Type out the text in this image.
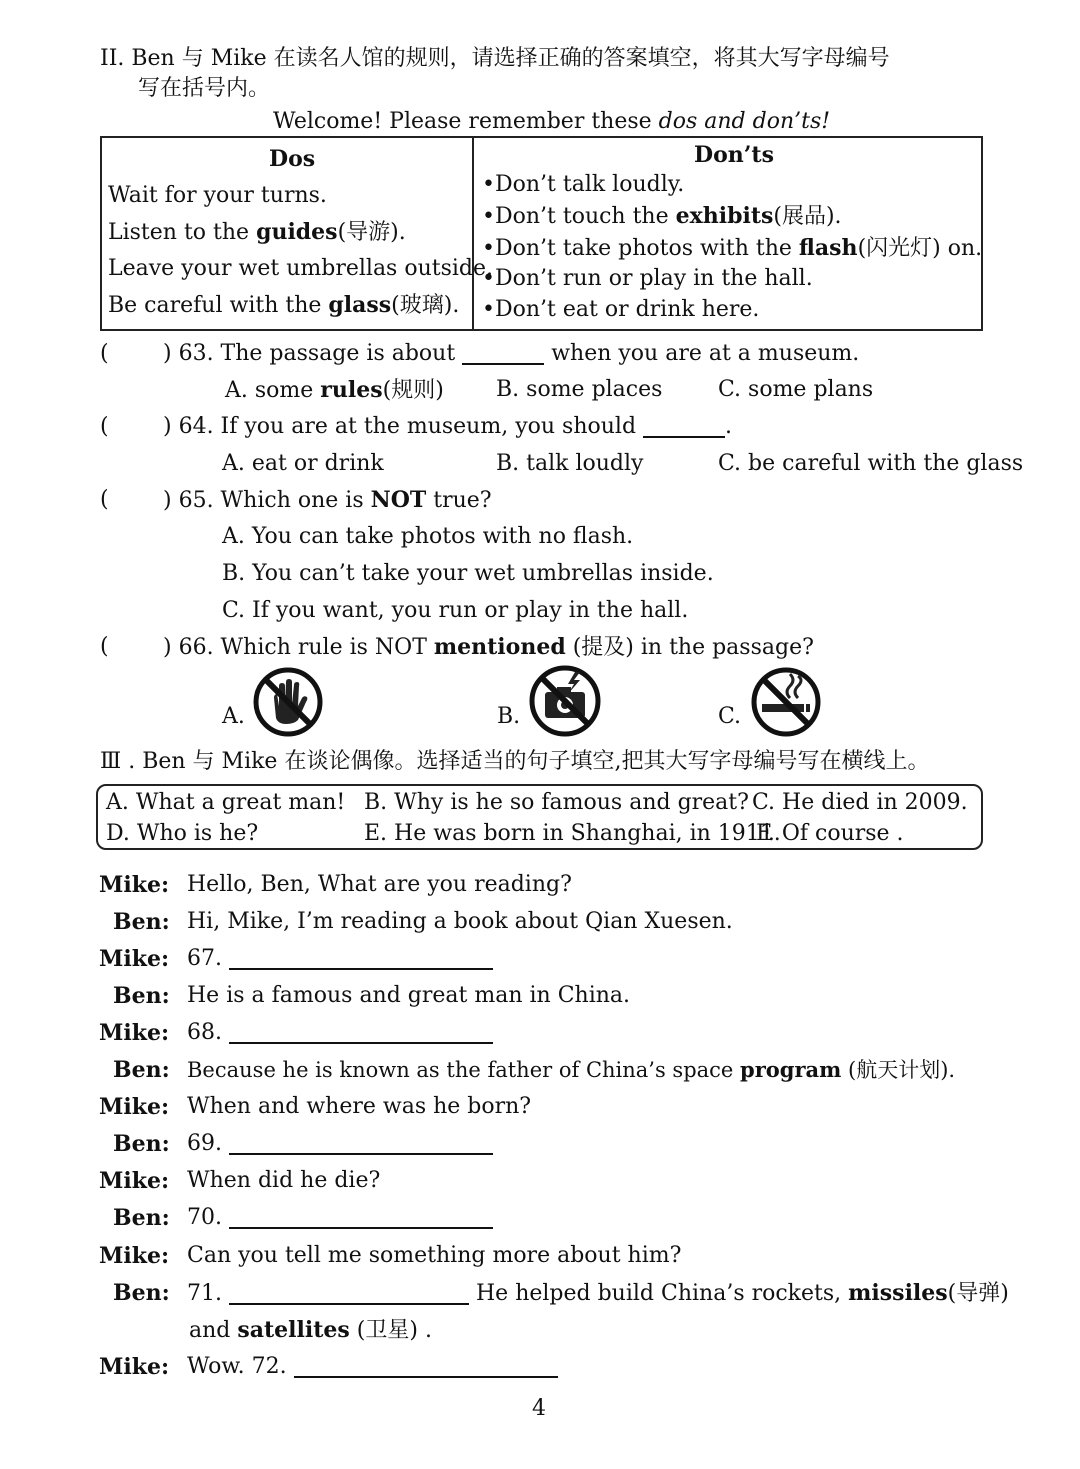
II. Ben 与 Mike 在读名人馆的规则，请选择正确的答案填空，将其大写字母编号
写在括号内。
Welcome! Please remember these dos and don’ts!
Dos
Wait for your turns.
Listen to the guides(导游).
Leave your wet umbrellas outside.
Be careful with the glass(玻璃).

Don’ts
•Don’t talk loudly.
•Don’t touch the exhibits(展品).
•Don’t take photos with the flash(闪光灯) on.
•Don’t run or play in the hall.
•Don’t eat or drink here.
( ) 63. The passage is about	when you are at a museum.
A. some rules(规则) B. some places	C. some plans
( ) 64. If you are at the museum, you should	.
A. eat or drink	B. talk loudly	C. be careful with the glass
( ) 65. Which one is NOT true?
A. You can take photos with no flash.
B. You can’t take your wet umbrellas inside.
C. If you want, you run or play in the hall.
( ) 66. Which rule is NOT mentioned (提及) in the passage?
A.	B.	C.
Ⅲ . Ben 与 Mike 在谈论偶像。选择适当的句子填空,把其大写字母编号写在横线上。
A. What a great man! B. Why is he so famous and great? C. He died in 2009.
D. Who is he?	E. He was born in Shanghai, in 1911.
F. Of course .
Mike: Hello, Ben, What are you reading?
Ben: Hi, Mike, I’m reading a book about Qian Xuesen.
Mike: 67.
Ben: He is a famous and great man in China.
Mike: 68.
Ben: Because he is known as the father of China’s space program (航天计划).
Mike: When and where was he born?
Ben: 69.
Mike: When did he die?
Ben: 70.
Mike: Can you tell me something more about him?
Ben: 71.	He helped build China’s rockets, missiles(导弹)
and satellites (卫星) .
Mike: Wow. 72.
4
